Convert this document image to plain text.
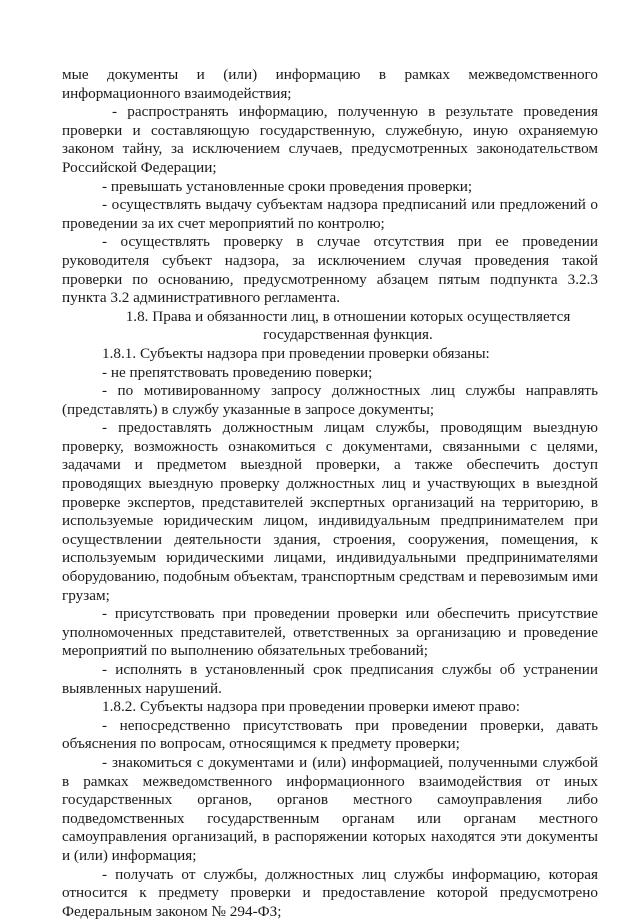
мые документы и (или) информацию в рамках межведомственного информационного взаимодействия;

- распространять информацию, полученную в результате проведения проверки и составляющую государственную, служебную, иную охраняемую законом тайну, за исключением случаев, предусмотренных законодательством Российской Федерации;

- превышать установленные сроки проведения проверки;

- осуществлять выдачу субъектам надзора предписаний или предложений о проведении за их счет мероприятий по контролю;

- осуществлять проверку в случае отсутствия при ее проведении руководителя субъект надзора, за исключением случая проведения такой проверки по основанию, предусмотренному абзацем пятым подпункта 3.2.3 пункта 3.2 административного регламента.

1.8. Права и обязанности лиц, в отношении которых осуществляется государственная функция.

1.8.1. Субъекты надзора при проведении проверки обязаны:

- не препятствовать проведению поверки;

- по мотивированному запросу должностных лиц службы направлять (представлять) в службу указанные в запросе документы;

- предоставлять должностным лицам службы, проводящим выездную проверку, возможность ознакомиться с документами, связанными с целями, задачами и предметом выездной проверки, а также обеспечить доступ проводящих выездную проверку должностных лиц и участвующих в выездной проверке экспертов, представителей экспертных организаций на территорию, в используемые юридическим лицом, индивидуальным предпринимателем при осуществлении деятельности здания, строения, сооружения, помещения, к используемым юридическими лицами, индивидуальными предпринимателями оборудованию, подобным объектам, транспортным средствам и перевозимым ими грузам;

- присутствовать при проведении проверки или обеспечить присутствие уполномоченных представителей, ответственных за организацию и проведение мероприятий по выполнению обязательных требований;

- исполнять в установленный срок предписания службы об устранении выявленных нарушений.

1.8.2. Субъекты надзора при проведении проверки имеют право:

- непосредственно присутствовать при проведении проверки, давать объяснения по вопросам, относящимся к предмету проверки;

- знакомиться с документами и (или) информацией, полученными службой в рамках межведомственного информационного взаимодействия от иных государственных органов, органов местного самоуправления либо подведомственных государственным органам или органам местного самоуправления организаций, в распоряжении которых находятся эти документы и (или) информация;

- получать от службы, должностных лиц службы информацию, которая относится к предмету проверки и предоставление которой предусмотрено Федеральным законом № 294-ФЗ;
